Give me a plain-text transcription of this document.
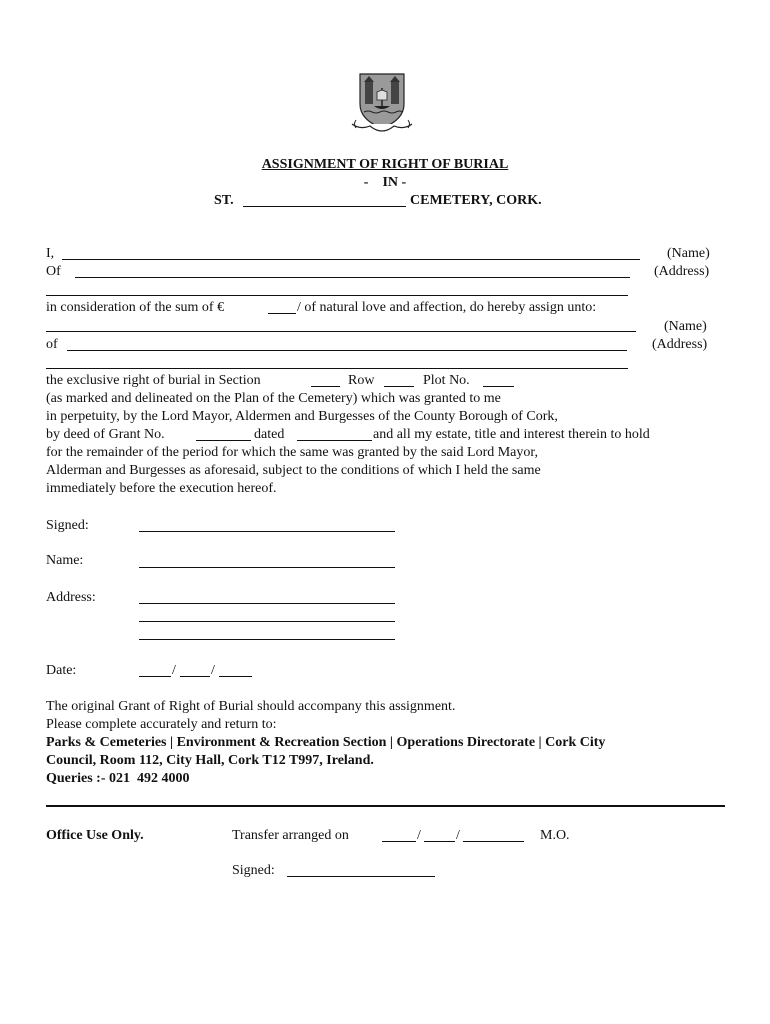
ASSIGNMENT OF RIGHT OF BURIAL
-    IN -
ST.	CEMETERY, CORK.
I,	(Name)
Of	(Address)
in consideration of the sum of €	/ of natural love and affection, do hereby assign unto:
(Name)
of	(Address)
the exclusive right of burial in Section	Row	Plot No.
(as marked and delineated on the Plan of the Cemetery) which was granted to me
in perpetuity, by the Lord Mayor, Aldermen and Burgesses of the County Borough of Cork,
by deed of Grant No.	dated	and all my estate, title and interest therein to hold
for the remainder of the period for which the same was granted by the said Lord Mayor,
Alderman and Burgesses as aforesaid, subject to the conditions of which I held the same
immediately before the execution hereof.
Signed:
Name:
Address:
Date:	/	/
The original Grant of Right of Burial should accompany this assignment.
Please complete accurately and return to:
Parks & Cemeteries | Environment & Recreation Section | Operations Directorate | Cork City
Council, Room 112, City Hall, Cork T12 T997, Ireland.
Queries :- 021  492 4000
Office Use Only.	Transfer arranged on	/	/	M.O.
Signed:
